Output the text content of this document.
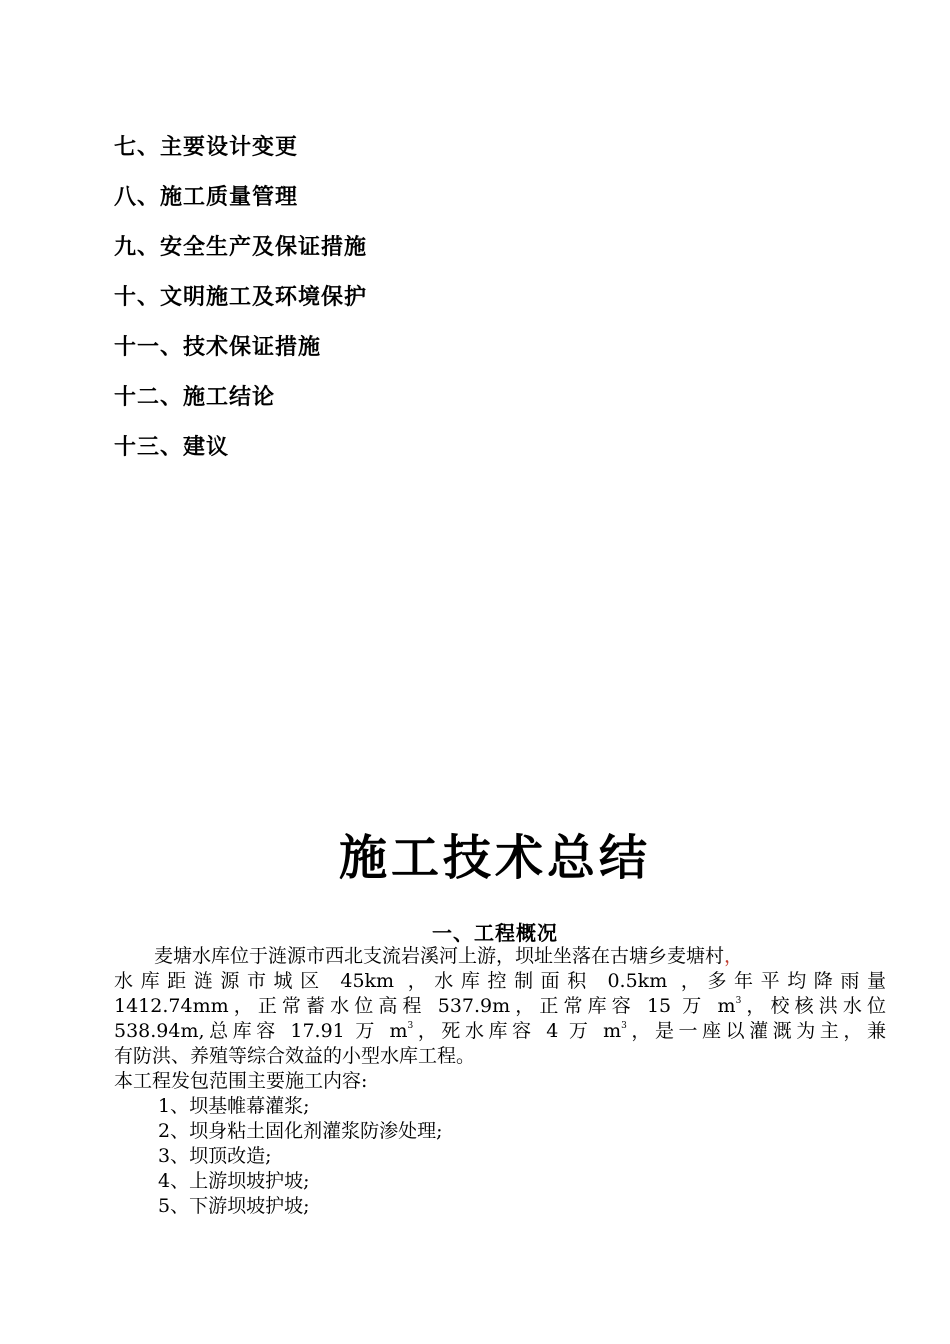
七、主要设计变更
八、施工质量管理
九、安全生产及保证措施
十、文明施工及环境保护
十一、技术保证措施
十二、施工结论
十三、建议
施工技术总结
一、工程概况
麦塘水库位于涟源市西北支流岩溪河上游，坝址坐落在古塘乡麦塘村，
水库距涟源市城区 45km ，水库控制面积 0.5km ，多年平均降雨量
1412.74mm，正常蓄水位高程 537.9m，正常库容 15 万 $m^3$，校核洪水位
538.94m,总库容 17.91 万 $m^3$，死水库容 4 万 $m^3$，是一座以灌溉为主，兼
有防洪、养殖等综合效益的小型水库工程。
本工程发包范围主要施工内容:
1、坝基帷幕灌浆;
2、坝身粘土固化剂灌浆防渗处理;
3、坝顶改造;
4、上游坝坡护坡;
5、下游坝坡护坡;
